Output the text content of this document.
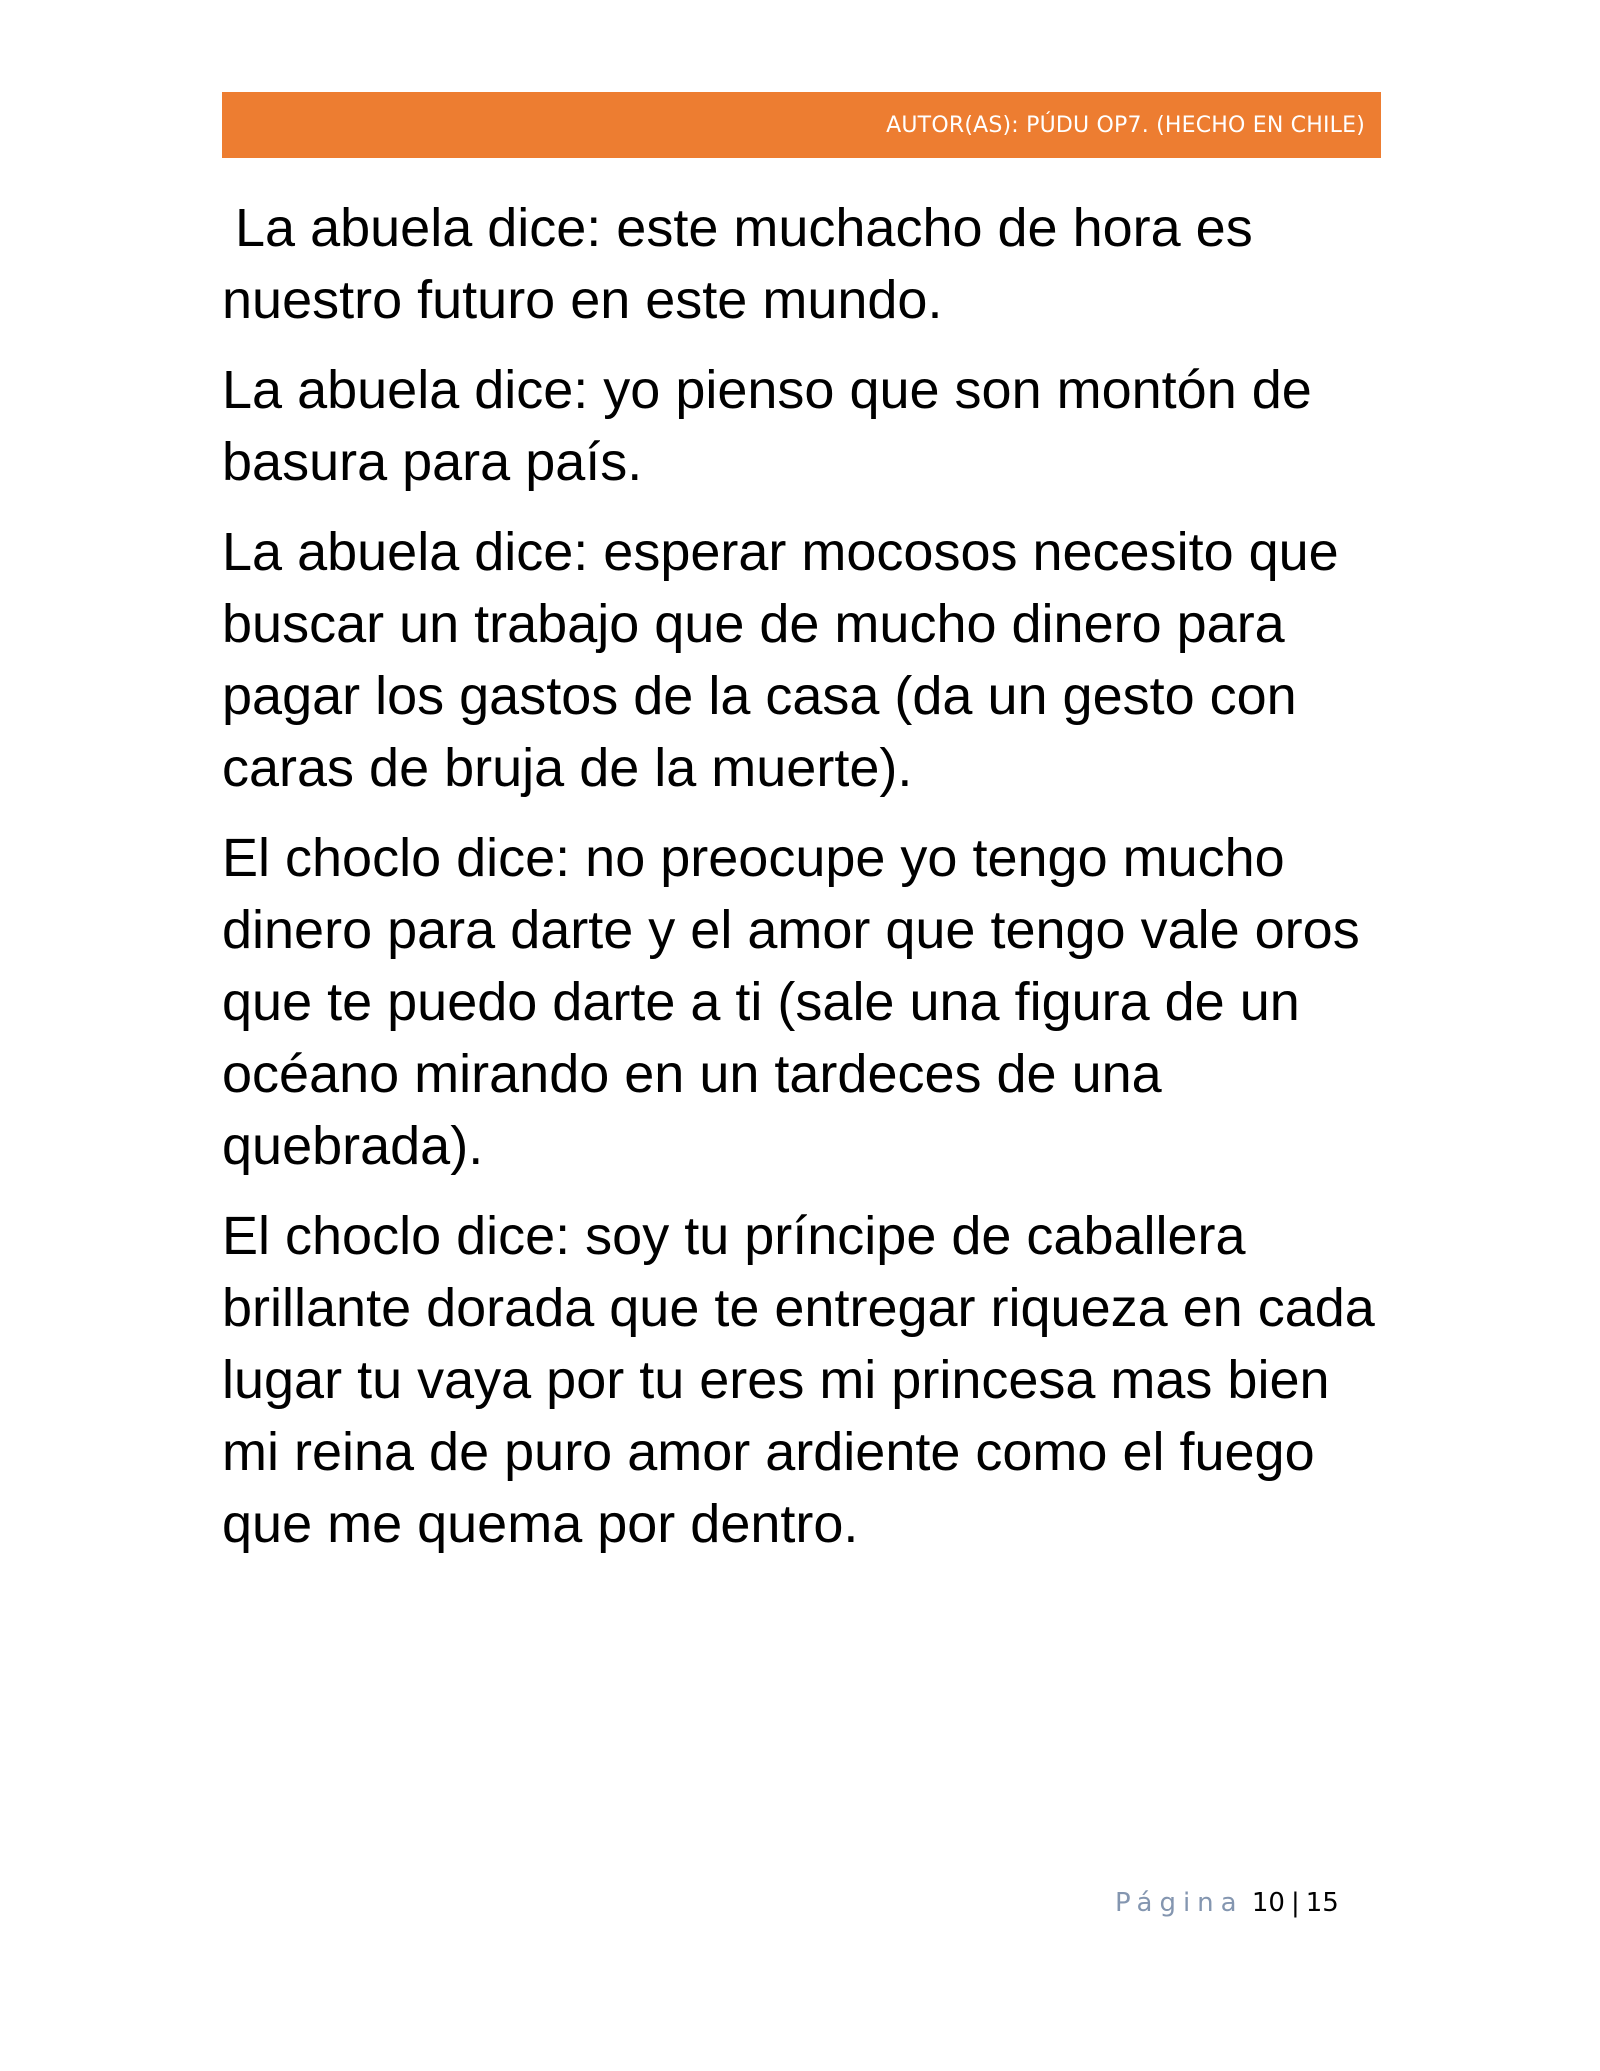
AUTOR(AS): PÚDU OP7. (HECHO EN CHILE)

La abuela dice: este muchacho de hora es nuestro futuro en este mundo.

La abuela dice: yo pienso que son montón de basura para país.

La abuela dice: esperar mocosos necesito que buscar un trabajo que de mucho dinero para pagar los gastos de la casa (da un gesto con caras de bruja de la muerte).

El choclo dice: no preocupe yo tengo mucho dinero para darte y el amor que tengo vale oros que te puedo darte a ti (sale una figura de un océano mirando en un tardeces de una quebrada).

El choclo dice: soy tu príncipe de caballera brillante dorada que te entregar riqueza en cada lugar tu vaya por tu eres mi princesa mas bien mi reina de puro amor ardiente como el fuego que me quema por dentro.

Página 10 | 15
